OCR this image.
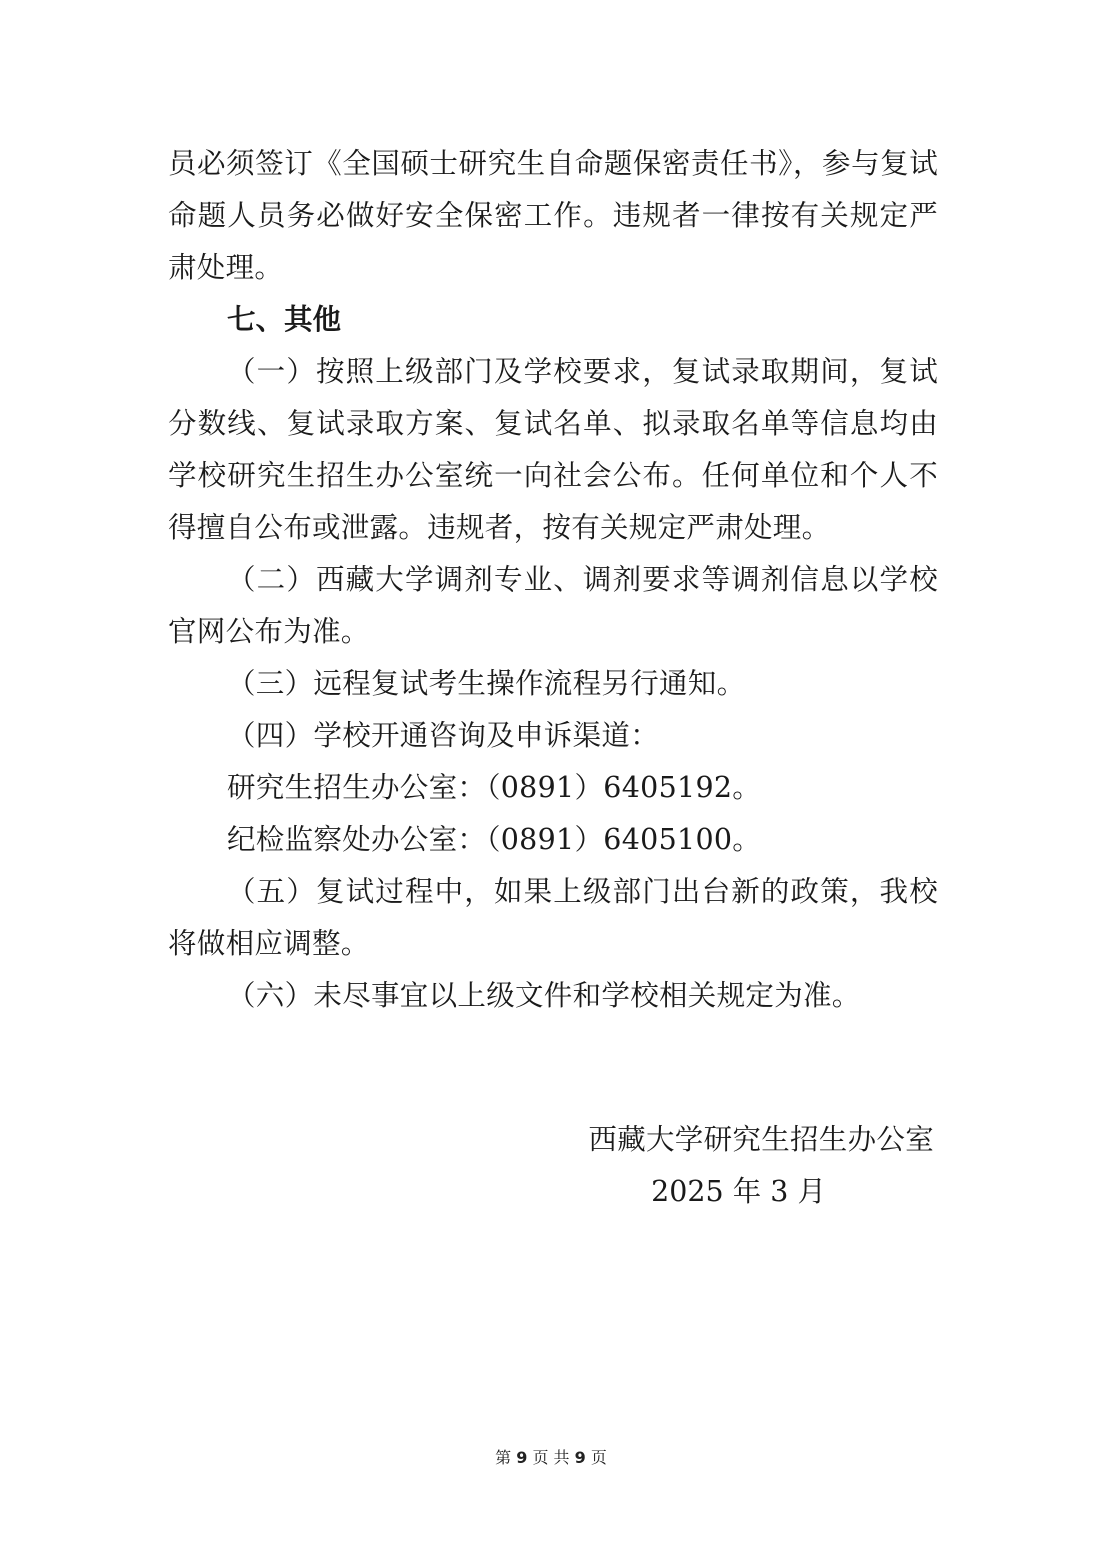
员必须签订《全国硕士研究生自命题保密责任书》，参与复试命题人员务必做好安全保密工作。违规者一律按有关规定严肃处理。

七、其他

（一）按照上级部门及学校要求，复试录取期间，复试分数线、复试录取方案、复试名单、拟录取名单等信息均由学校研究生招生办公室统一向社会公布。任何单位和个人不得擅自公布或泄露。违规者，按有关规定严肃处理。

（二）西藏大学调剂专业、调剂要求等调剂信息以学校官网公布为准。

（三）远程复试考生操作流程另行通知。

（四）学校开通咨询及申诉渠道：

研究生招生办公室：（0891）6405192。

纪检监察处办公室：（0891）6405100。

（五）复试过程中，如果上级部门出台新的政策，我校将做相应调整。

（六）未尽事宜以上级文件和学校相关规定为准。

西藏大学研究生招生办公室
2025 年 3 月
第 9 页 共 9 页
